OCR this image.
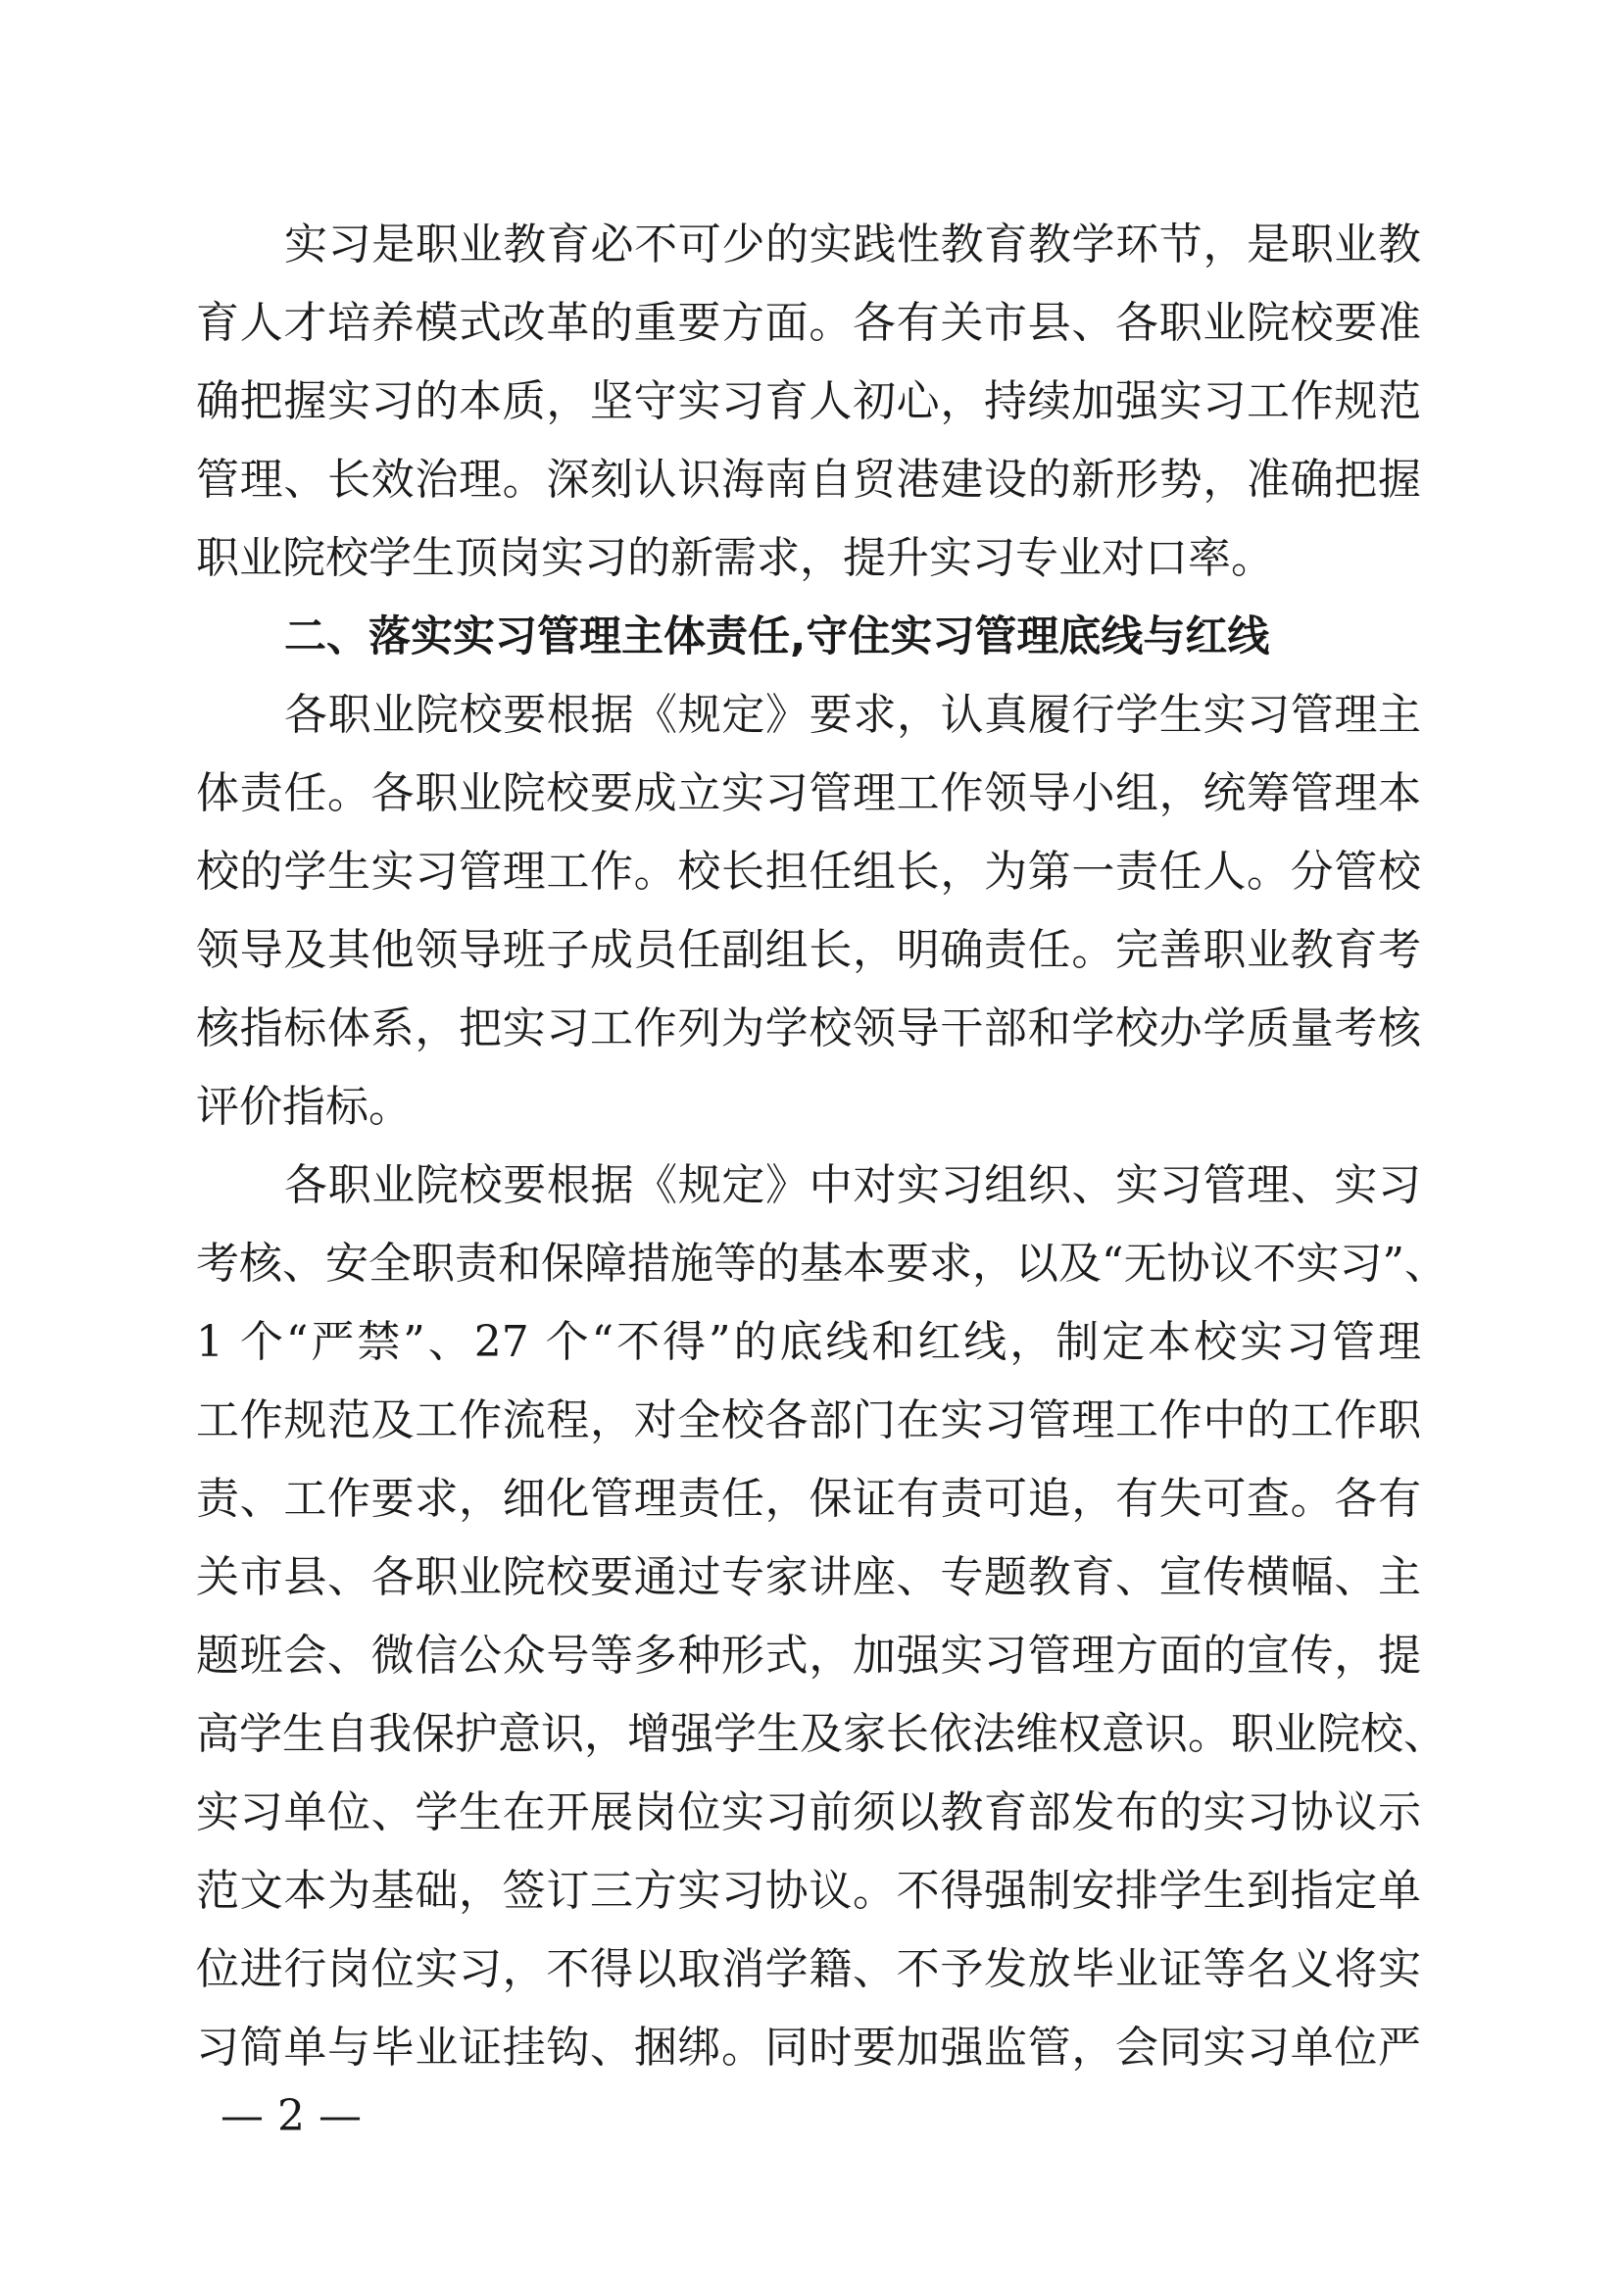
实习是职业教育必不可少的实践性教育教学环节，是职业教
育人才培养模式改革的重要方面。各有关市县、各职业院校要准
确把握实习的本质，坚守实习育人初心，持续加强实习工作规范
管理、长效治理。深刻认识海南自贸港建设的新形势，准确把握
职业院校学生顶岗实习的新需求，提升实习专业对口率。
二、落实实习管理主体责任,守住实习管理底线与红线
各职业院校要根据《规定》要求，认真履行学生实习管理主
体责任。各职业院校要成立实习管理工作领导小组，统筹管理本
校的学生实习管理工作。校长担任组长，为第一责任人。分管校
领导及其他领导班子成员任副组长，明确责任。完善职业教育考
核指标体系，把实习工作列为学校领导干部和学校办学质量考核
评价指标。
各职业院校要根据《规定》中对实习组织、实习管理、实习
考核、安全职责和保障措施等的基本要求，以及“无协议不实习”、
1 个“严禁”、27 个“不得”的底线和红线，制定本校实习管理
工作规范及工作流程，对全校各部门在实习管理工作中的工作职
责、工作要求，细化管理责任，保证有责可追，有失可查。各有
关市县、各职业院校要通过专家讲座、专题教育、宣传横幅、主
题班会、微信公众号等多种形式，加强实习管理方面的宣传，提
高学生自我保护意识，增强学生及家长依法维权意识。职业院校、
实习单位、学生在开展岗位实习前须以教育部发布的实习协议示
范文本为基础，签订三方实习协议。不得强制安排学生到指定单
位进行岗位实习，不得以取消学籍、不予发放毕业证等名义将实
习简单与毕业证挂钩、捆绑。同时要加强监管，会同实习单位严
— 2 —
